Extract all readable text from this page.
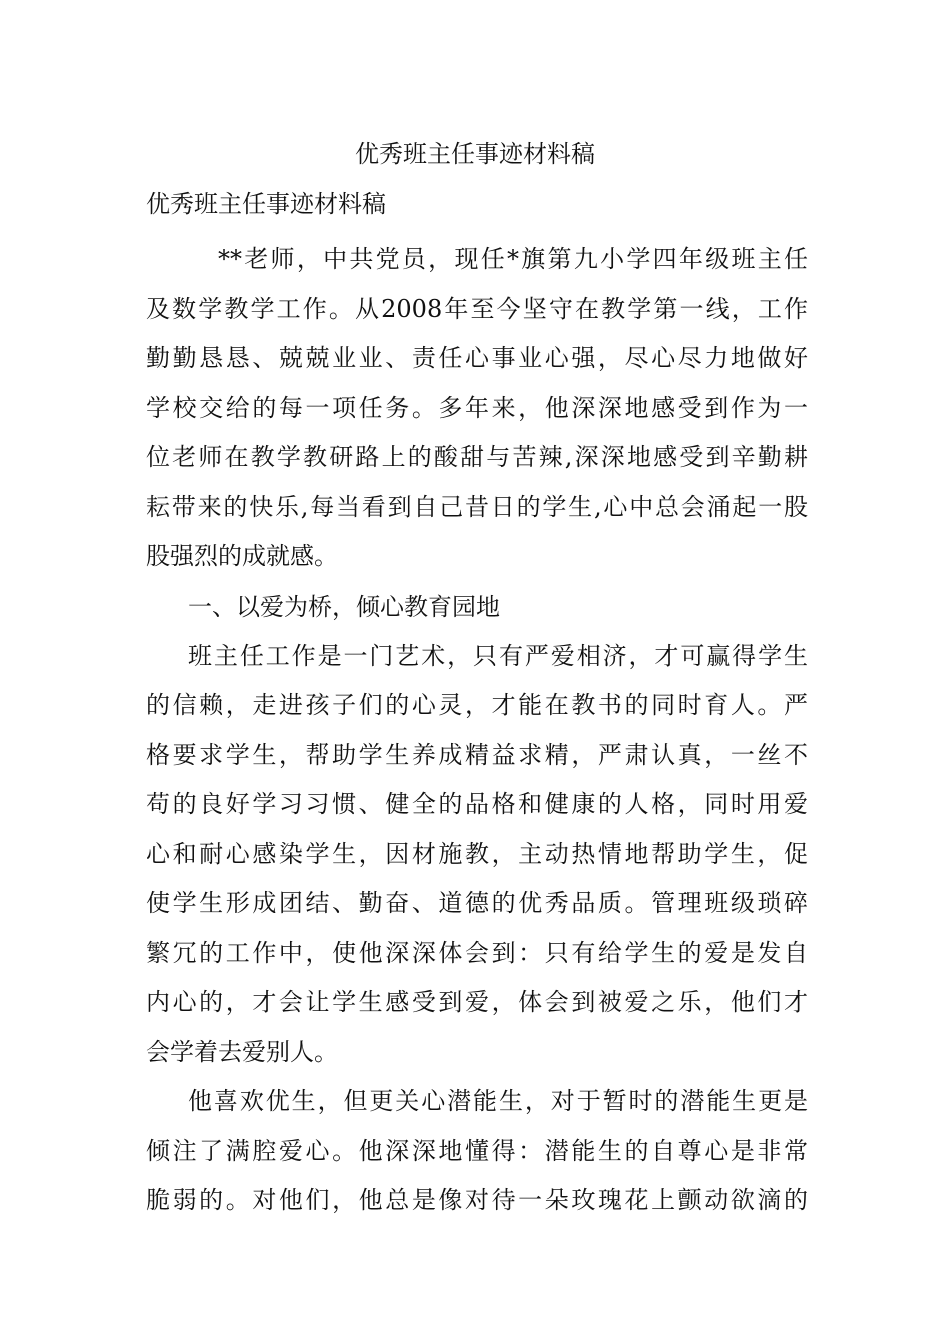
优秀班主任事迹材料稿

优秀班主任事迹材料稿

**老师，中共党员，现任*旗第九小学四年级班主任
及数学教学工作。从2008年至今坚守在教学第一线，工作
勤勤恳恳、兢兢业业、责任心事业心强，尽心尽力地做好
学校交给的每一项任务。多年来，他深深地感受到作为一
位老师在教学教研路上的酸甜与苦辣,深深地感受到辛勤耕
耘带来的快乐,每当看到自己昔日的学生,心中总会涌起一股
股强烈的成就感。

一、以爱为桥，倾心教育园地

班主任工作是一门艺术，只有严爱相济，才可赢得学生
的信赖，走进孩子们的心灵，才能在教书的同时育人。严
格要求学生，帮助学生养成精益求精，严肃认真，一丝不
苟的良好学习习惯、健全的品格和健康的人格，同时用爱
心和耐心感染学生，因材施教，主动热情地帮助学生，促
使学生形成团结、勤奋、道德的优秀品质。管理班级琐碎
繁冗的工作中，使他深深体会到：只有给学生的爱是发自
内心的，才会让学生感受到爱，体会到被爱之乐，他们才
会学着去爱别人。
他喜欢优生，但更关心潜能生，对于暂时的潜能生更是
倾注了满腔爱心。他深深地懂得：潜能生的自尊心是非常
脆弱的。对他们，他总是像对待一朵玫瑰花上颤动欲滴的
